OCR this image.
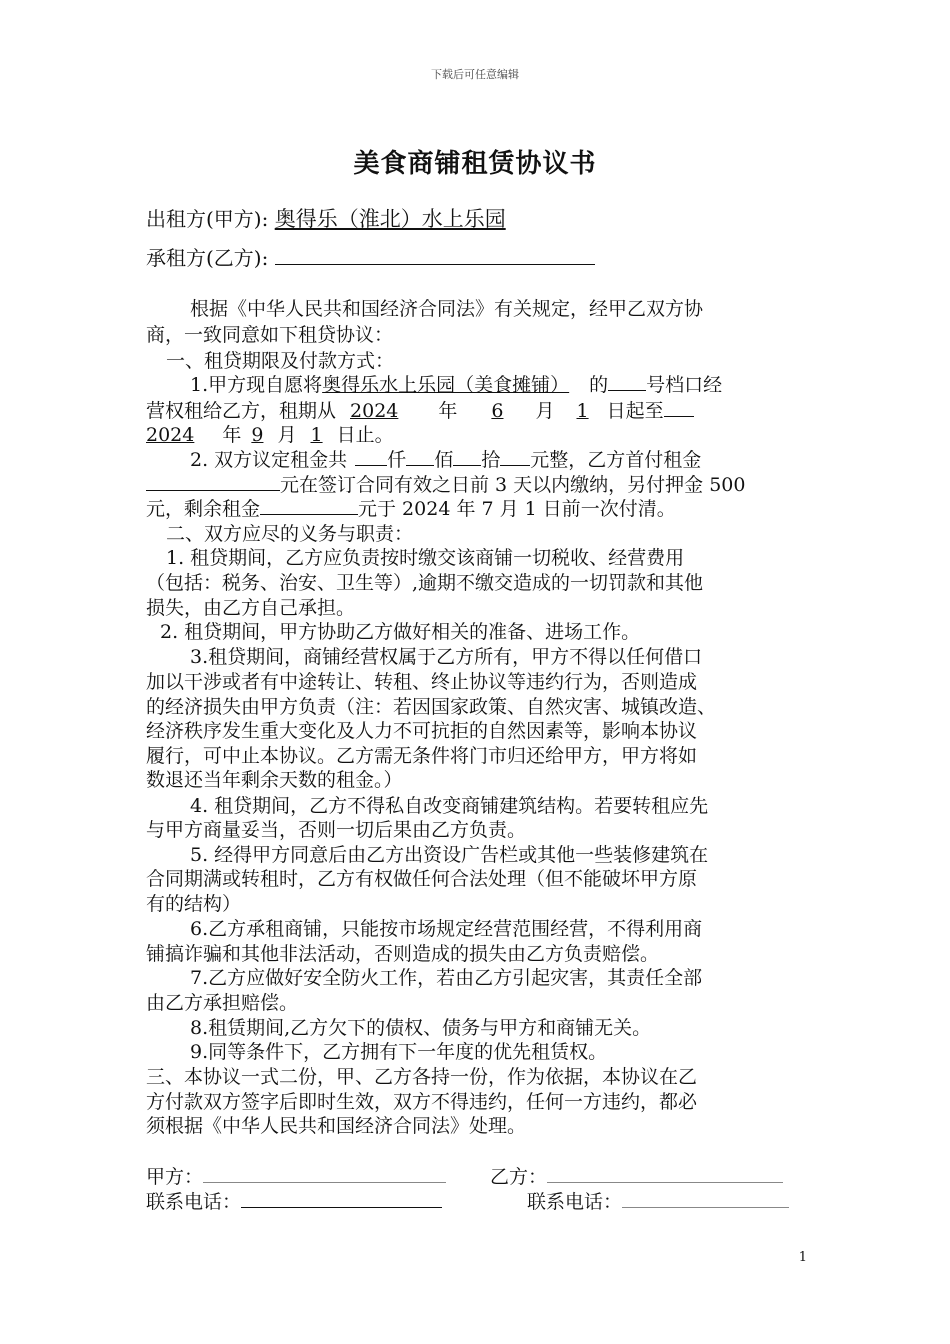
下载后可任意编辑
美食商铺租赁协议书
出租方(甲方): 奥得乐（淮北）水上乐园
承租方(乙方):
根据《中华人民共和国经济合同法》有关规定，经甲乙双方协
商，一致同意如下租贷协议：
一、租贷期限及付款方式：
1.甲方现自愿将奥得乐水上乐园（美食摊铺） 的 号档口经
营权租给乙方，租期从 2024 年 6 月 1 日起至
2024 年 9 月 1 日止。
2. 双方议定租金共 仟 佰 拾 元整，乙方首付租金
元在签订合同有效之日前 3 天以内缴纳，另付押金 500
元，剩余租金	元于 2024 年 7 月 1 日前一次付清。
二、双方应尽的义务与职责：
1. 租贷期间，乙方应负责按时缴交该商铺一切税收、经营费用
（包括：税务、治安、卫生等）,逾期不缴交造成的一切罚款和其他
损失，由乙方自己承担。
2. 租贷期间，甲方协助乙方做好相关的准备、进场工作。
3.租贷期间，商铺经营权属于乙方所有，甲方不得以任何借口
加以干涉或者有中途转让、转租、终止协议等违约行为，否则造成
的经济损失由甲方负责（注：若因国家政策、自然灾害、城镇改造、
经济秩序发生重大变化及人力不可抗拒的自然因素等，影响本协议
履行，可中止本协议。乙方需无条件将门市归还给甲方，甲方将如
数退还当年剩余天数的租金。）
4. 租贷期间，乙方不得私自改变商铺建筑结构。若要转租应先
与甲方商量妥当，否则一切后果由乙方负责。
5. 经得甲方同意后由乙方出资设广告栏或其他一些装修建筑在
合同期满或转租时，乙方有权做任何合法处理（但不能破坏甲方原
有的结构）
6.乙方承租商铺，只能按市场规定经营范围经营，不得利用商
铺搞诈骗和其他非法活动，否则造成的损失由乙方负责赔偿。
7.乙方应做好安全防火工作，若由乙方引起灾害，其责任全部
由乙方承担赔偿。
8.租赁期间,乙方欠下的债权、债务与甲方和商铺无关。
9.同等条件下，乙方拥有下一年度的优先租赁权。
三、本协议一式二份，甲、乙方各持一份，作为依据，本协议在乙
方付款双方签字后即时生效，双方不得违约，任何一方违约，都必
须根据《中华人民共和国经济合同法》处理。
甲方：	乙方：
联系电话：	联系电话：
1
